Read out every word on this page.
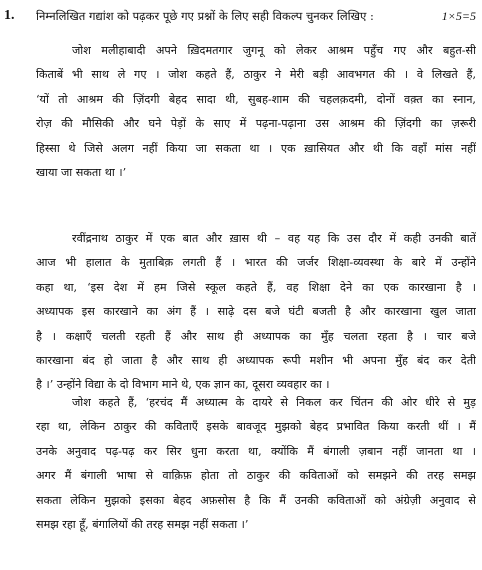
1. निम्नलिखित गद्यांश को पढ़कर पूछे गए प्रश्नों के लिए सही विकल्प चुनकर लिखिए :	1×5=5
जोश मलीहाबादी अपने ख़िदमतगार जुगनू को लेकर आश्रम पहुँच गए और बहुत-सी
किताबें भी साथ ले गए । जोश कहते हैं, ठाकुर ने मेरी बड़ी आवभगत की । वे लिखते हैं,
‘यों तो आश्रम की ज़िंदगी बेहद सादा थी, सुबह-शाम की चहलक़दमी, दोनों वक़्त का स्नान,
रोज़ की मौसिकी और घने पेड़ों के साए में पढ़ना-पढ़ाना उस आश्रम की ज़िंदगी का ज़रूरी
हिस्सा थे जिसे अलग नहीं किया जा सकता था । एक ख़ासियत और थी कि वहाँ मांस नहीं
खाया जा सकता था ।’
रवींद्रनाथ ठाकुर में एक बात और ख़ास थी – वह यह कि उस दौर में कही उनकी बातें
आज भी हालात के मुताबिक़ लगती हैं । भारत की जर्जर शिक्षा-व्यवस्था के बारे में उन्होंने
कहा था, ‘इस देश में हम जिसे स्कूल कहते हैं, वह शिक्षा देने का एक कारखाना है ।
अध्यापक इस कारखाने का अंग हैं । साढ़े दस बजे घंटी बजती है और कारखाना खुल जाता
है । कक्षाएँ चलती रहती हैं और साथ ही अध्यापक का मुँह चलता रहता है । चार बजे
कारखाना बंद हो जाता है और साथ ही अध्यापक रूपी मशीन भी अपना मुँह बंद कर देती
है ।’ उन्होंने विद्या के दो विभाग माने थे, एक ज्ञान का, दूसरा व्यवहार का ।
जोश कहते हैं, ‘हरचंद मैं अध्यात्म के दायरे से निकल कर चिंतन की ओर धीरे से मुड़
रहा था, लेकिन ठाकुर की कविताएँ इसके बावजूद मुझको बेहद प्रभावित किया करती थीं । मैं
उनके अनुवाद पढ़-पढ़ कर सिर धुना करता था, क्योंकि मैं बंगाली ज़बान नहीं जानता था ।
अगर मैं बंगाली भाषा से वाक़िफ़ होता तो ठाकुर की कविताओं को समझने की तरह समझ
सकता लेकिन मुझको इसका बेहद अफ़सोस है कि मैं उनकी कविताओं को अंग्रेज़ी अनुवाद से
समझ रहा हूँ, बंगालियों की तरह समझ नहीं सकता ।’
